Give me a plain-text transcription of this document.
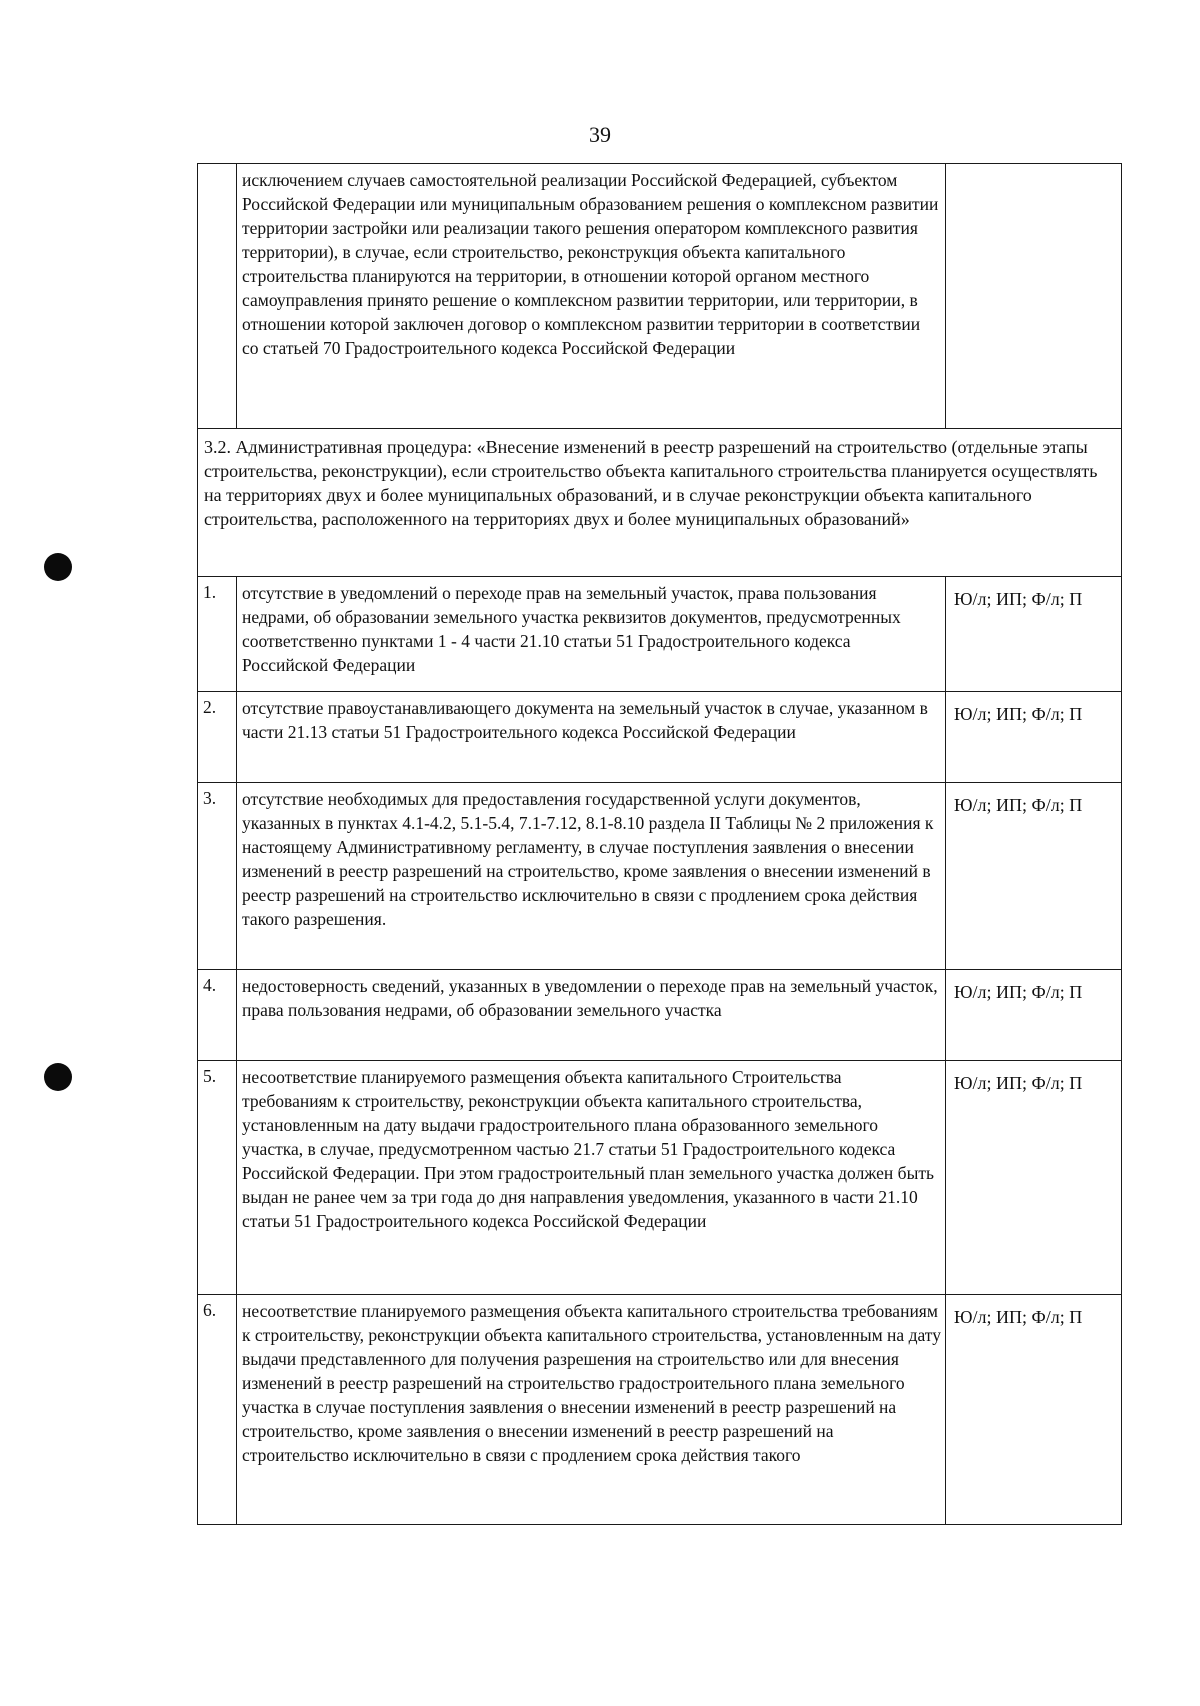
39
	исключением случаев самостоятельной реализации Российской Федерацией, субъектом Российской Федерации или муниципальным образованием решения о комплексном развитии территории застройки или реализации такого решения оператором комплексного развития территории), в случае, если строительство, реконструкция объекта капитального строительства планируются на территории, в отношении которой органом местного самоуправления принято решение о комплексном развитии территории, или территории, в отношении которой заключен договор о комплексном развитии территории в соответствии со статьей 70 Градостроительного кодекса Российской Федерации	
3.2. Административная процедура: «Внесение изменений в реестр разрешений на строительство (отдельные этапы строительства, реконструкции), если строительство объекта капитального строительства планируется осуществлять на территориях двух и более муниципальных образований, и в случае реконструкции объекта капитального строительства, расположенного на территориях двух и более муниципальных образований»		
1.	отсутствие в уведомлений о переходе прав на земельный участок, права пользования недрами, об образовании земельного участка реквизитов документов, предусмотренных соответственно пунктами 1 - 4 части 21.10 статьи 51 Градостроительного кодекса Российской Федерации	Ю/л; ИП; Ф/л; П
2.	отсутствие правоустанавливающего документа на земельный участок в случае, указанном в части 21.13 статьи 51 Градостроительного кодекса Российской Федерации	Ю/л; ИП; Ф/л; П
3.	отсутствие необходимых для предоставления государственной услуги документов, указанных в пунктах 4.1-4.2, 5.1-5.4, 7.1-7.12, 8.1-8.10 раздела II Таблицы № 2 приложения к настоящему Административному регламенту, в случае поступления заявления о внесении изменений в реестр разрешений на строительство, кроме заявления о внесении изменений в реестр разрешений на строительство исключительно в связи с продлением срока действия такого разрешения.	Ю/л; ИП; Ф/л; П
4.	недостоверность сведений, указанных в уведомлении о переходе прав на земельный участок, права пользования недрами, об образовании земельного участка	Ю/л; ИП; Ф/л; П
5.	несоответствие планируемого размещения объекта капитального Строительства требованиям к строительству, реконструкции объекта капитального строительства, установленным на дату выдачи градостроительного плана образованного земельного участка, в случае, предусмотренном частью 21.7 статьи 51 Градостроительного кодекса Российской Федерации. При этом градостроительный план земельного участка должен быть выдан не ранее чем за три года до дня направления уведомления, указанного в части 21.10 статьи 51 Градостроительного кодекса Российской Федерации	Ю/л; ИП; Ф/л; П
6.	несоответствие планируемого размещения объекта капитального строительства требованиям к строительству, реконструкции объекта капитального строительства, установленным на дату выдачи представленного для получения разрешения на строительство или для внесения изменений в реестр разрешений на строительство градостроительного плана земельного участка в случае поступления заявления о внесении изменений в реестр разрешений на строительство, кроме заявления о внесении изменений в реестр разрешений на строительство исключительно в связи с продлением срока действия такого	Ю/л; ИП; Ф/л; П
